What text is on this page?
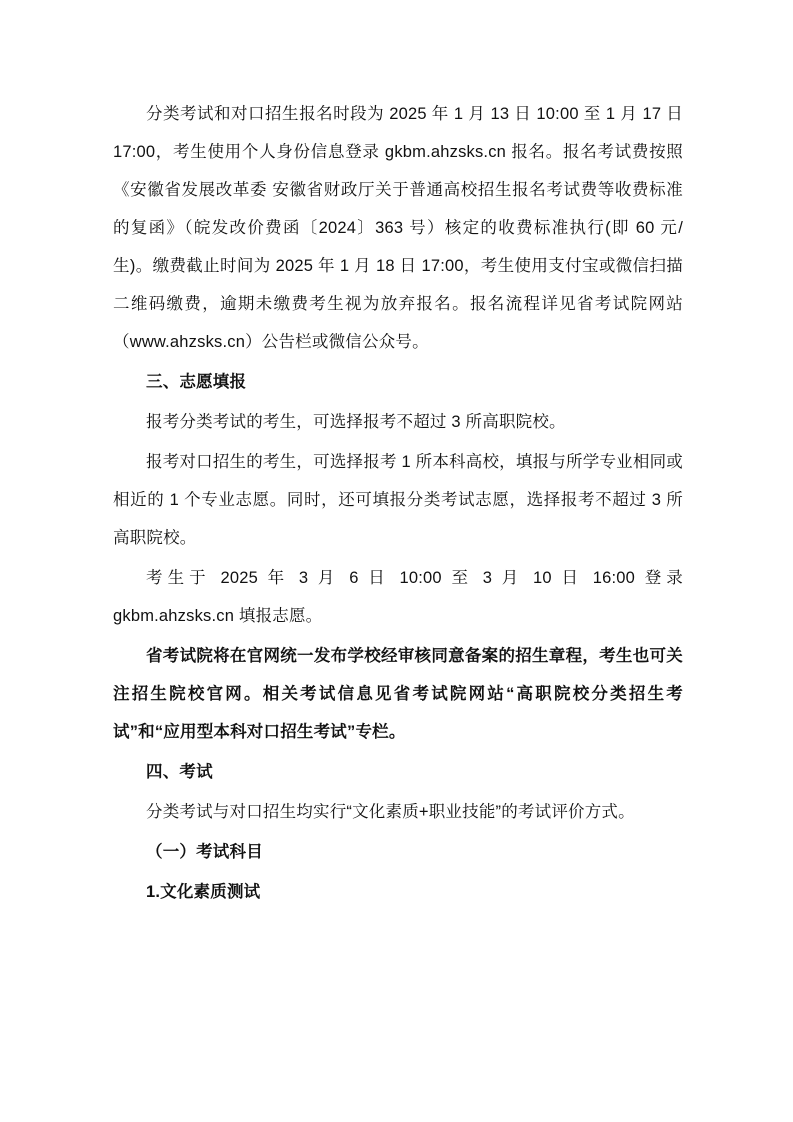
分类考试和对口招生报名时段为 2025 年 1 月 13 日 10:00 至 1 月 17 日 17:00，考生使用个人身份信息登录 gkbm.ahzsks.cn 报名。报名考试费按照《安徽省发展改革委 安徽省财政厅关于普通高校招生报名考试费等收费标准的复函》（皖发改价费函〔2024〕363 号）核定的收费标准执行(即 60 元/生)。缴费截止时间为 2025 年 1 月 18 日 17:00，考生使用支付宝或微信扫描二维码缴费，逾期未缴费考生视为放弃报名。报名流程详见省考试院网站（www.ahzsks.cn）公告栏或微信公众号。

三、志愿填报

报考分类考试的考生，可选择报考不超过 3 所高职院校。

报考对口招生的考生，可选择报考 1 所本科高校，填报与所学专业相同或相近的 1 个专业志愿。同时，还可填报分类考试志愿，选择报考不超过 3 所高职院校。

考生于 2025 年 3 月 6 日 10:00 至 3 月 10 日 16:00 登录 gkbm.ahzsks.cn 填报志愿。

省考试院将在官网统一发布学校经审核同意备案的招生章程，考生也可关注招生院校官网。相关考试信息见省考试院网站“高职院校分类招生考试”和“应用型本科对口招生考试”专栏。

四、考试

分类考试与对口招生均实行“文化素质+职业技能”的考试评价方式。

（一）考试科目

1.文化素质测试
